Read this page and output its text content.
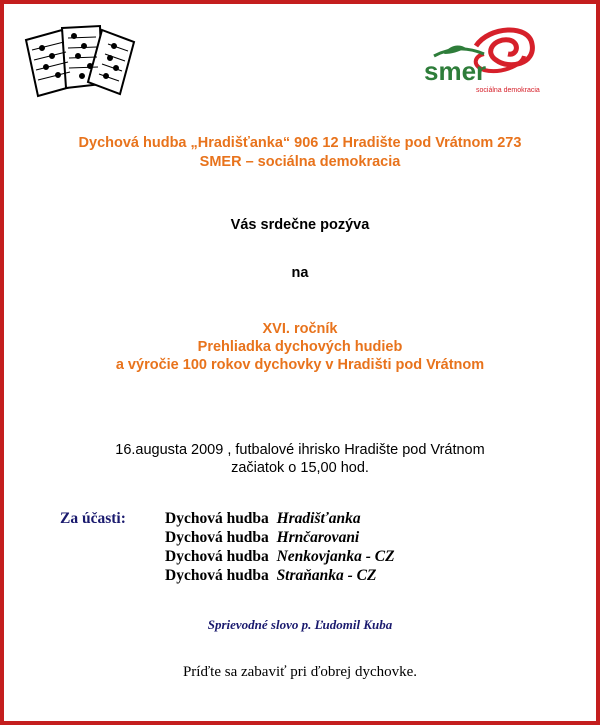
smer
sociálna demokracia
Dychová hudba „Hradišťanka“ 906 12 Hradište pod Vrátnom 273
SMER – sociálna demokracia
Vás srdečne pozýva
na
XVI. ročník
Prehliadka dychových hudieb
a výročie 100 rokov dychovky v Hradišti pod Vrátnom
16.augusta 2009 , futbalové ihrisko Hradište pod Vrátnom
začiatok o 15,00 hod.
Za účasti:	Dychová hudba Hradišťanka
Dychová hudba Hrnčarovani
Dychová hudba Nenkovjanka - CZ
Dychová hudba Straňanka - CZ
Sprievodné slovo p. Ľudomil Kuba
Príďte sa zabaviť pri ďobrej dychovke.
